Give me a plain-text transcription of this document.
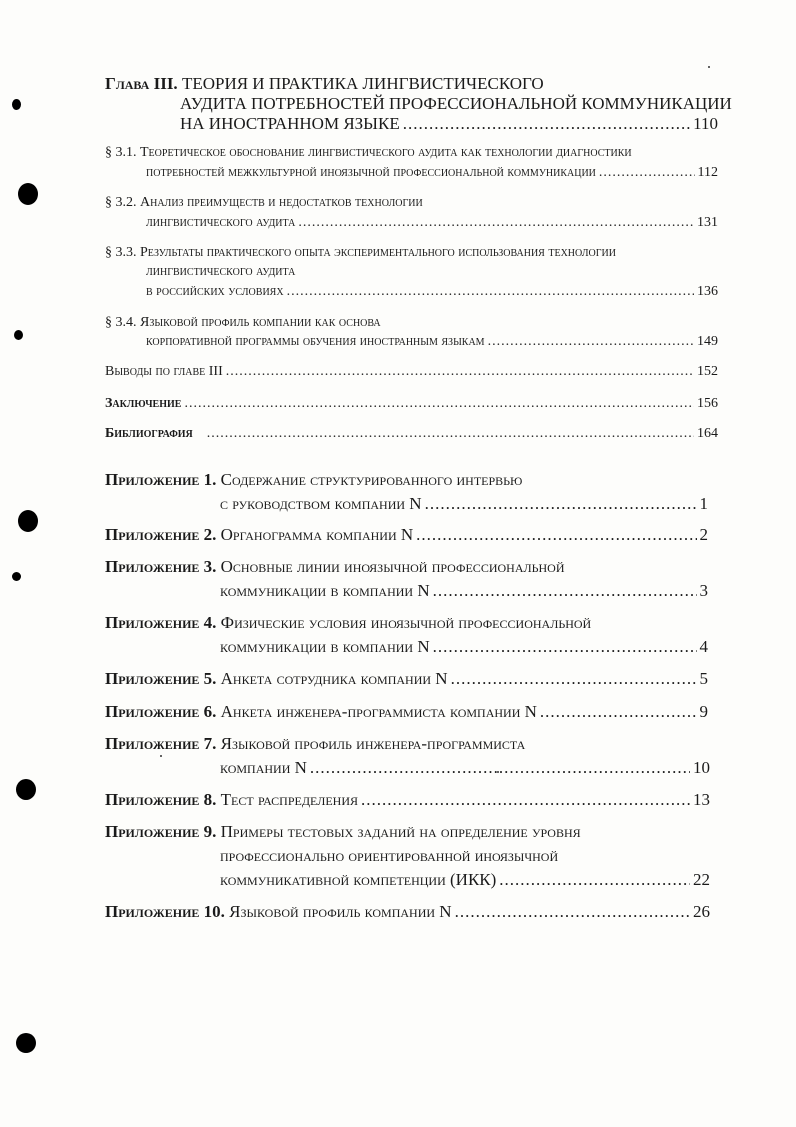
Глава III. ТЕОРИЯ И ПРАКТИКА ЛИНГВИСТИЧЕСКОГО
АУДИТА ПОТРЕБНОСТЕЙ ПРОФЕССИОНАЛЬНОЙ КОММУНИКАЦИИ
НА ИНОСТРАННОМ ЯЗЫКЕ .....	110
§ 3.1. Теоретическое обоснование лингвистического аудита как технологии диагностики
потребностей межкультурной иноязычной профессиональной коммуникации .....	112
§ 3.2. Анализ преимуществ и недостатков технологии
лингвистического аудита .....	131
§ 3.3. Результаты практического опыта экспериментального использования технологии
лингвистического аудита
в российских условиях .....	136
§ 3.4. Языковой профиль компании как основа
корпоративной программы обучения иностранным языкам .....	149
Выводы по главе III .....	152
Заключение .....	156
Библиография .....	164
Приложение 1. Содержание структурированного интервью
с руководством компании N .....	1
Приложение 2. Органограмма компании N .....	2
Приложение 3. Основные линии иноязычной профессиональной
коммуникации в компании N .....	3
Приложение 4. Физические условия иноязычной профессиональной
коммуникации в компании N .....	4
Приложение 5. Анкета сотрудника компании N .....	5
Приложение 6. Анкета инженера-программиста компании N .....	9
Приложение 7. Языковой профиль инженера-программиста
компании N .....	10
Приложение 8. Тест распределения .....	13
Приложение 9. Примеры тестовых заданий на определение уровня
профессионально ориентированной иноязычной
коммуникативной компетенции (ИКК) .....	22
Приложение 10. Языковой профиль компании N .....	26
